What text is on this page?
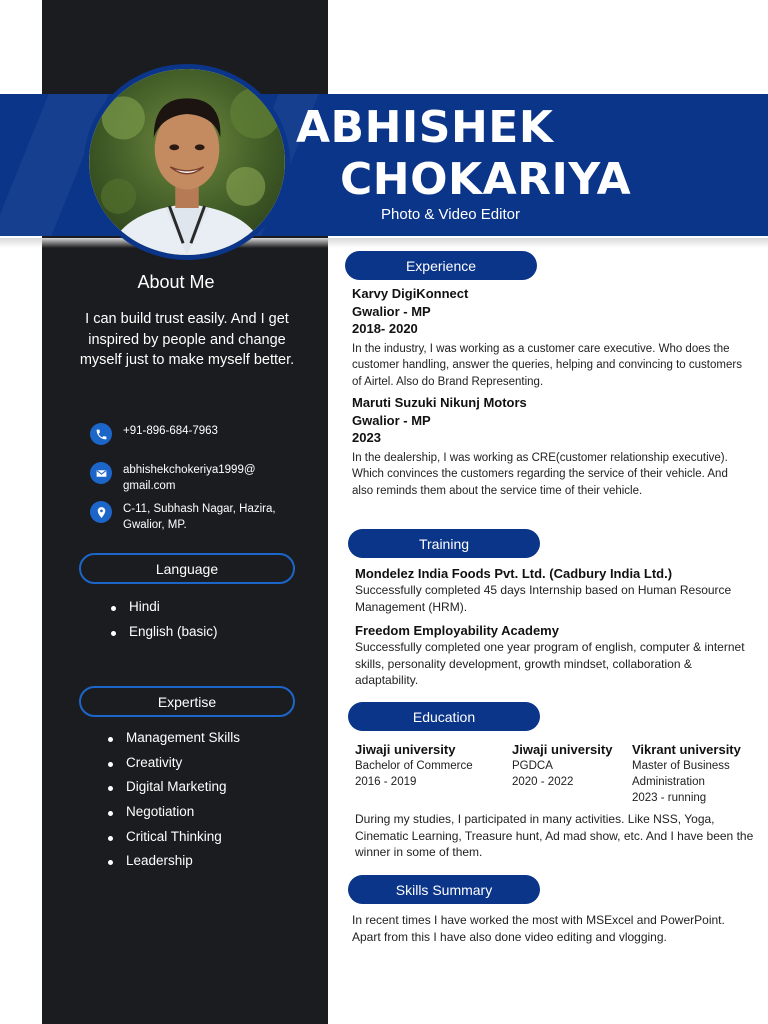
ABHISHEK
CHOKARIYA
Photo & Video Editor
About Me
I can build trust easily. And I get inspired by people and change myself just to make myself better.
+91-896-684-7963
abhishekchokeriya1999@
gmail.com
C-11, Subhash Nagar, Hazira,
Gwalior, MP.
Language
Hindi
English (basic)
Expertise
Management Skills
Creativity
Digital Marketing
Negotiation
Critical Thinking
Leadership
Experience
Karvy DigiKonnect
Gwalior - MP
2018- 2020
In the industry, I was working as a customer care executive. Who does the customer handling, answer the queries, helping and convincing to customers of Airtel. Also do Brand Representing.
Maruti Suzuki Nikunj Motors
Gwalior - MP
2023
In the dealership, I was working as CRE(customer relationship executive). Which convinces the customers regarding the service of their vehicle. And also reminds them about the service time of their vehicle.
Training
Mondelez India Foods Pvt. Ltd. (Cadbury India Ltd.)
Successfully completed 45 days Internship based on Human Resource Management (HRM).
Freedom Employability Academy
Successfully completed one year program of english, computer & internet skills, personality development, growth mindset, collaboration & adaptability.
Education
Jiwaji university
Bachelor of Commerce
2016 - 2019
Jiwaji university
PGDCA
2020 - 2022
Vikrant university
Master of Business
Administration
2023 - running
During my studies, I participated in many activities. Like NSS, Yoga, Cinematic Learning, Treasure hunt, Ad mad show, etc. And I have been the winner in some of them.
Skills Summary
In recent times I have worked the most with MSExcel and PowerPoint. Apart from this I have also done video editing and vlogging.
